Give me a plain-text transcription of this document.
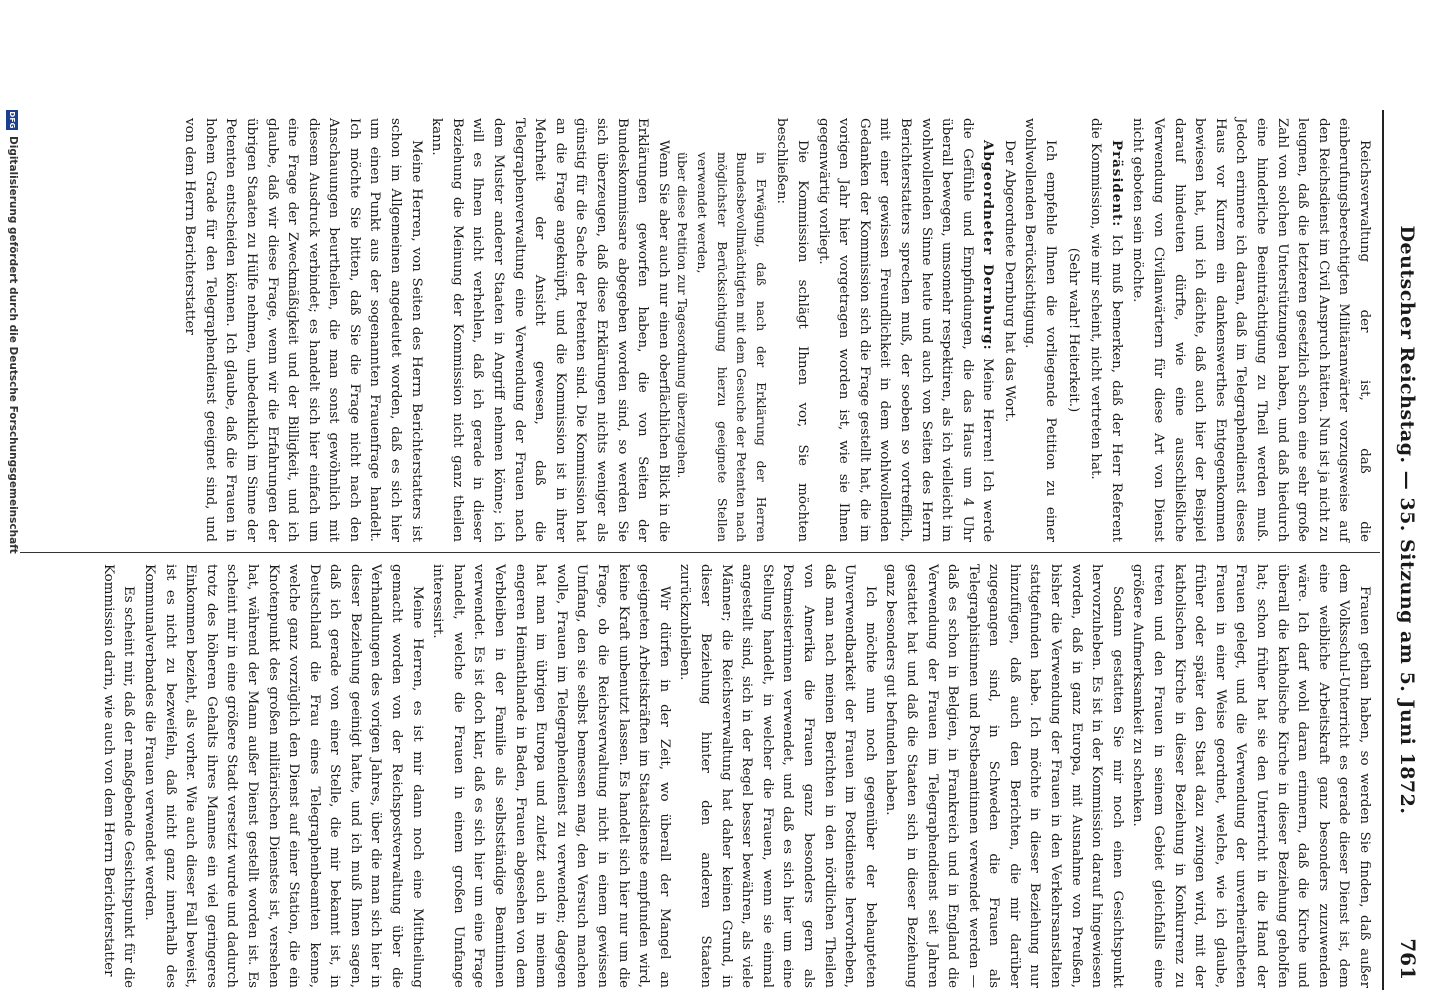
Deutscher Reichstag. — 35. Sitzung am 5. Juni 1872.
761

Reichsverwaltung der ist, daß die einberufungsberechtigten Militäranwärter vorzugsweise auf den Reichsdienst im Civil Anspruch hätten. Nun ist ja nicht zu leugnen, daß die letzteren gesetzlich schon eine sehr große Zahl von solchen Unterstützungen haben, und daß hiedurch eine hinderliche Beeinträchtigung zu Theil werden muß. Jedoch erinnere ich daran, daß im Telegraphendienst dieses Haus vor Kurzem ein dankenswerthes Entgegenkommen bewiesen hat, und ich dächte, daß auch hier der Beispiel darauf hindeuten dürfte, wie eine ausschließliche Verwendung von Civilanwärtern für diese Art von Dienst nicht geboten sein möchte.

Präsident: Ich muß bemerken, daß der Herr Referent die Kommission, wie mir scheint, nicht vertreten hat.

(Sehr wahr! Heiterkeit.)

Ich empfehle Ihnen die vorliegende Petition zu einer wohlwollenden Berücksichtigung.

Der Abgeordnete Dernburg hat das Wort.

Abgeordneter Dernburg: Meine Herren! Ich werde die Gefühle und Empfindungen, die das Haus um 4 Uhr überall bewegen, umsomehr respektiren, als ich vielleicht im wohlwollenden Sinne heute und auch von Seiten des Herrn Berichterstatters sprechen muß, der soeben so vortrefflich, mit einer gewissen Freundlichkeit in dem wohlwollenden Gedanken der Kommission sich die Frage gestellt hat, die im vorigen Jahr hier vorgetragen worden ist, wie sie Ihnen gegenwärtig vorliegt.

Die Kommission schlägt Ihnen vor, Sie möchten beschließen:

in Erwägung, daß nach der Erklärung der Herren Bundesbevollmächtigten mit dem Gesuche der Petenten nach möglichster Berücksichtigung hierzu geeignete Stellen verwendet werden,

über diese Petition zur Tagesordnung überzugehen.

Wenn Sie aber auch nur einen oberflächlichen Blick in die Erklärungen geworfen haben, die von Seiten der Bundeskommissare abgegeben worden sind, so werden Sie sich überzeugen, daß diese Erklärungen nichts weniger als günstig für die Sache der Petenten sind. Die Kommission hat an die Frage angeknüpft, und die Kommission ist in ihrer Mehrheit der Ansicht gewesen, daß die Telegraphenverwaltung eine Verwendung der Frauen nach dem Muster anderer Staaten in Angriff nehmen könne; ich will es Ihnen nicht verhehlen, daß ich gerade in dieser Beziehung die Meinung der Kommission nicht ganz theilen kann.

Meine Herren, von Seiten des Herrn Berichterstatters ist schon im Allgemeinen angedeutet worden, daß es sich hier um einen Punkt aus der sogenannten Frauenfrage handelt. Ich möchte Sie bitten, daß Sie die Frage nicht nach den Anschauungen beurtheilen, die man sonst gewöhnlich mit diesem Ausdruck verbindet; es handelt sich hier einfach um eine Frage der Zweckmäßigkeit und der Billigkeit, und ich glaube, daß wir diese Frage, wenn wir die Erfahrungen der übrigen Staaten zu Hülfe nehmen, unbedenklich im Sinne der Petenten entscheiden können. Ich glaube, daß die Frauen in hohem Grade für den Telegraphendienst geeignet sind, und von dem Herrn Berichterstatter

Frauen gethan haben, so werden Sie finden, daß außer dem Volksschul-Unterricht es gerade dieser Dienst ist, dem eine weibliche Arbeitskraft ganz besonders zuzuwenden wäre. Ich darf wohl daran erinnern, daß die Kirche und überall die katholische Kirche in dieser Beziehung geholfen hat; schon früher hat sie den Unterricht in die Hand der Frauen gelegt, und die Verwendung der unverheiratheten Frauen in einer Weise geordnet, welche, wie ich glaube, früher oder später den Staat dazu zwingen wird, mit der katholischen Kirche in dieser Beziehung in Konkurrenz zu treten und den Frauen in seinem Gebiet gleichfalls eine größere Aufmerksamkeit zu schenken.

Sodann gestatten Sie mir noch einen Gesichtspunkt hervorzuheben. Es ist in der Kommission darauf hingewiesen worden, daß in ganz Europa, mit Ausnahme von Preußen, bisher die Verwendung der Frauen in den Verkehrsanstalten stattgefunden habe. Ich möchte in dieser Beziehung nur hinzufügen, daß auch den Berichten, die mir darüber zugegangen sind, in Schweden die Frauen als Telegraphistinnen und Postbeamtinnen verwendet werden — daß es schon in Belgien, in Frankreich und in England die Verwendung der Frauen im Telegraphendienst seit Jahren gestattet hat und daß die Staaten sich in dieser Beziehung ganz besonders gut befunden haben.

Ich möchte nun noch gegenüber der behaupteten Unverwendbarkeit der Frauen im Postdienste hervorheben, daß man nach meinen Berichten in den nördlichen Theilen von Amerika die Frauen ganz besonders gern als Postmeisterinnen verwendet, und daß es sich hier um eine Stellung handelt, in welcher die Frauen, wenn sie einmal angestellt sind, sich in der Regel besser bewähren, als viele Männer; die Reichsverwaltung hat daher keinen Grund, in dieser Beziehung hinter den anderen Staaten zurückzubleiben.

Wir dürfen in der Zeit, wo überall der Mangel an geeigneten Arbeitskräften im Staatsdienste empfunden wird, keine Kraft unbenutzt lassen. Es handelt sich hier nur um die Frage, ob die Reichsverwaltung nicht in einem gewissen Umfang, den sie selbst bemessen mag, den Versuch machen wolle, Frauen im Telegraphendienst zu verwenden; dagegen hat man im übrigen Europa und zuletzt auch in meinem engeren Heimathlande in Baden, Frauen abgesehen von dem Verbleiben in der Familie als selbstständige Beamtinnen verwendet. Es ist doch klar, daß es sich hier um eine Frage handelt, welche die Frauen in einem großen Umfange interessirt.

Meine Herren, es ist mir dann noch eine Mittheilung gemacht worden von der Reichspostverwaltung über die Verhandlungen des vorigen Jahres, über die man sich hier in dieser Beziehung geeinigt hatte, und ich muß Ihnen sagen, daß ich gerade von einer Stelle, die mir bekannt ist, in Deutschland die Frau eines Telegraphenbeamten kenne, welche ganz vorzüglich den Dienst auf einer Station, die ein Knotenpunkt des großen militärischen Dienstes ist, versehen hat, während der Mann außer Dienst gestellt worden ist. Es scheint mir in eine größere Stadt versetzt wurde und dadurch trotz des höheren Gehalts ihres Mannes ein viel geringeres Einkommen bezieht, als vorher. Wie auch dieser Fall beweist, ist es nicht zu bezweifeln, daß nicht ganz innerhalb des Kommunalverbandes die Frauen verwendet werden.

Es scheint mir, daß der maßgebende Gesichtspunkt für die Kommission darin, wie auch von dem Herrn Berichterstatter

DFG
Digitalisierung gefördert durch die Deutsche Forschungsgemeinschaft
